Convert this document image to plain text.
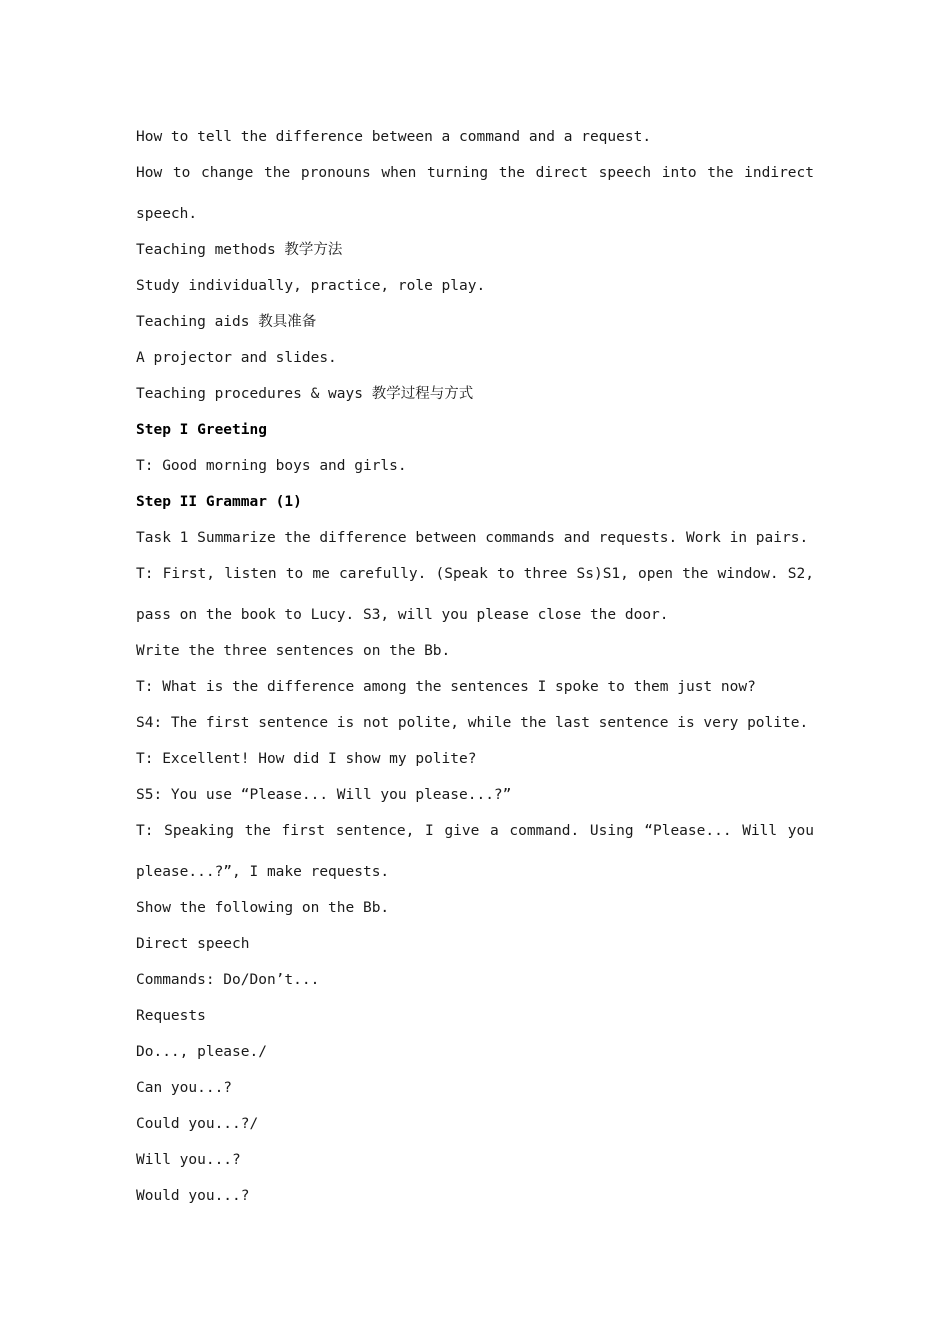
How to tell the difference between a command and a request.
How to change the pronouns when turning the direct speech into the indirect
speech.
Teaching methods 教学方法
Study individually, practice, role play.
Teaching aids 教具准备
A projector and slides.
Teaching procedures & ways 教学过程与方式
Step I Greeting
T: Good morning boys and girls.
Step II Grammar (1)
Task 1 Summarize the difference between commands and requests. Work in pairs.
T: First, listen to me carefully. (Speak to three Ss)S1, open the window. S2,
pass on the book to Lucy. S3, will you please close the door.
Write the three sentences on the Bb.
T: What is the difference among the sentences I spoke to them just now?
S4: The first sentence is not polite, while the last sentence is very polite.
T: Excellent! How did I show my polite?
S5: You use “Please... Will you please...?”
T: Speaking the first sentence, I give a command. Using “Please... Will you
please...?”, I make requests.
Show the following on the Bb.
Direct speech
Commands: Do/Don’t...
Requests
Do..., please./
Can you...?
Could you...?/
Will you...?
Would you...?
